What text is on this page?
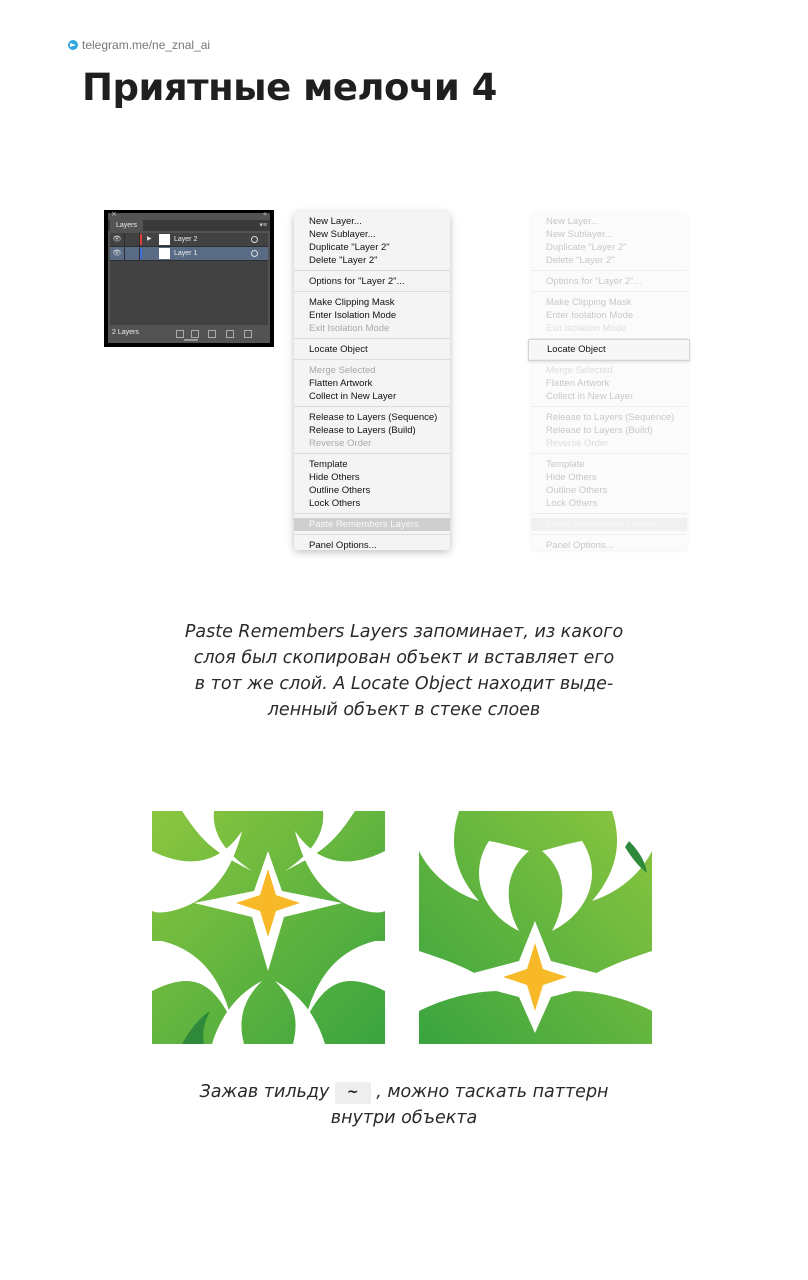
telegram.me/ne_znal_ai
Приятные мелочи 4
×	«
Layers	▾≡
👁	▶	Layer 2
👁	Layer 1
2 Layers
New Layer...
New Sublayer...
Duplicate "Layer 2"
Delete "Layer 2"
Options for "Layer 2"...
Make Clipping Mask
Enter Isolation Mode
Exit Isolation Mode
Locate Object
Merge Selected
Flatten Artwork
Collect in New Layer
Release to Layers (Sequence)
Release to Layers (Build)
Reverse Order
Template
Hide Others
Outline Others
Lock Others
Paste Remembers Layers
Panel Options...
New Layer...
New Sublayer...
Duplicate "Layer 2"
Delete "Layer 2"
Options for "Layer 2"...
Make Clipping Mask
Enter Isolation Mode
Exit Isolation Mode
Locate Object
Merge Selected
Flatten Artwork
Collect in New Layer
Release to Layers (Sequence)
Release to Layers (Build)
Reverse Order
Template
Hide Others
Outline Others
Lock Others
Paste Remembers Layers
Panel Options...
Paste Remembers Layers запоминает, из какого
слоя был скопирован объект и вставляет его
в тот же слой. А Locate Object находит выде-
ленный объект в стеке слоев
Зажав тильду ~ , можно таскать паттерн
внутри объекта
